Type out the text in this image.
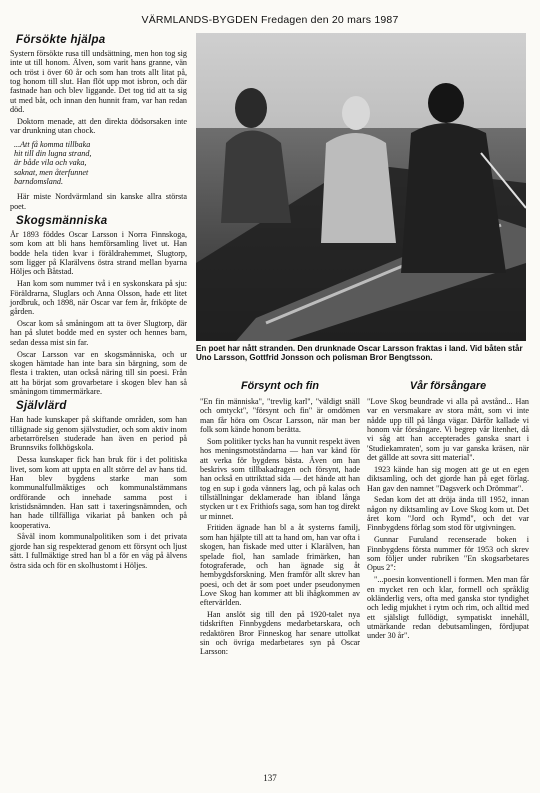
VÄRMLANDS-BYGDEN Fredagen den 20 mars 1987
Försökte hjälpa

Systern försökte rusa till undsättning, men hon tog sig inte ut till honom. Älven, som varit hans granne, vän och tröst i över 60 år och som han trots allt litat på, tog honom till slut. Han flöt upp mot isbron, och där fastnade han och blev liggande. Det tog tid att ta sig ut med båt, och innan den hunnit fram, var han redan död.

Doktorn menade, att den direkta dödsorsaken inte var drunkning utan chock.

...Att få komma tillbaka
hit till din lugna strand,
är både vila och vaka,
saknat, men återfunnet
barndomsland.

Här miste Nordvärmland sin kanske allra största poet.

Skogsmänniska

År 1893 föddes Oscar Larsson i Norra Finnskoga, som kom att bli hans hemförsamling livet ut. Han bodde hela tiden kvar i föräldrahemmet, Slugtorp, som ligger på Klarälvens östra strand mellan byarna Höljes och Båtstad.

Han kom som nummer två i en syskonskara på sju: Föräldrarna, Sluglars och Anna Olsson, hade ett litet jordbruk, och 1898, när Oscar var fem år, friköpte de gården.

Oscar kom så småningom att ta över Slugtorp, där han på slutet bodde med en syster och hennes barn, sedan dessa mist sin far.

Oscar Larsson var en skogsmänniska, och ur skogen hämtade han inte bara sin bärgning, som de flesta i trakten, utan också näring till sin poesi. Från att ha börjat som grovarbetare i skogen blev han så småningom timmermärkare.

Självlärd

Han hade kunskaper på skiftande områden, som han tillägnade sig genom självstudier, och som aktiv inom arbetarrörelsen studerade han även en period på Brunnsviks folkhögskola.

Dessa kunskaper fick han bruk för i det politiska livet, som kom att uppta en allt större del av hans tid. Han blev bygdens starke man som kommunalfullmäktiges och kommunalstämmans ordförande och innehade samma post i kristidsnämnden. Han satt i taxeringsnämnden, och han hade tillfälliga vikariat på banken och på kooperativa.

Såväl inom kommunalpolitiken som i det privata gjorde han sig respekterad genom ett försynt och ljust sätt. I fullmäktige stred han bl a för en väg på älvens östra sida och för en skolhustomt i Höljes.

En poet har nått stranden. Den drunknade Oscar Larsson fraktas i land. Vid båten står Uno Larsson, Gottfrid Jonsson och polisman Bror Bengtsson.
Försynt och fin

"En fin människa", "trevlig karl", "väldigt snäll och omtyckt", "försynt och fin" är omdömen man får höra om Oscar Larsson, när man ber folk som kände honom berätta.

Som politiker tycks han ha vunnit respekt även hos meningsmotståndarna — han var känd för att verka för bygdens bästa. Även om han beskrivs som tillbakadragen och försynt, hade han också en uttrikttad sida — det hände att han tog en sup i goda vänners lag, och på kalas och tillställningar deklamerade han ibland långa stycken ur t ex Frithiofs saga, som han tog direkt ur minnet.

Fritiden ägnade han bl a åt systerns familj, som han hjälpte till att ta hand om, han var ofta i skogen, han fiskade med utter i Klarälven, han spelade fiol, han samlade frimärken, han fotograferade, och han ägnade sig åt hembygdsforskning. Men framför allt skrev han poesi, och det är som poet under pseudonymen Love Skog han kommer att bli ihågkommen av eftervärlden.

Han anslöt sig till den på 1920-talet nya tidskriften Finnbygdens medarbetarskara, och redaktören Bror Finneskog har senare uttolkat sin och övriga medarbetares syn på Oscar Larsson:

Vår försångare

"Love Skog beundrade vi alla på avstånd... Han var en versmakare av stora mått, som vi inte nådde upp till på långa vägar. Därför kallade vi honom vår försångare. Vi begrep vår litenhet, då vi såg att han accepterades ganska snart i 'Studiekamraten', som ju var ganska kräsen, när det gällde att sovra sitt material".

1923 kände han sig mogen att ge ut en egen diktsamling, och det gjorde han på eget förlag. Han gav den namnet "Dagsverk och Drömmar".

Sedan kom det att dröja ända till 1952, innan någon ny diktsamling av Love Skog kom ut. Det året kom "Jord och Rymd", och det var Finnbygdens förlag som stod för utgivningen.

Gunnar Furuland recenserade boken i Finnbygdens första nummer för 1953 och skrev som följer under rubriken "En skogsarbetares Opus 2":

"...poesin konventionell i formen. Men man får en mycket ren och klar, formell och språklig okländerlig vers, ofta med ganska stor tyndighet och ledig mjukhet i rytm och rim, och alltid med ett själsligt fullödigt, sympatiskt innehåll, utmärkande redan debutsamlingen, fördjupat under 30 år".

137
